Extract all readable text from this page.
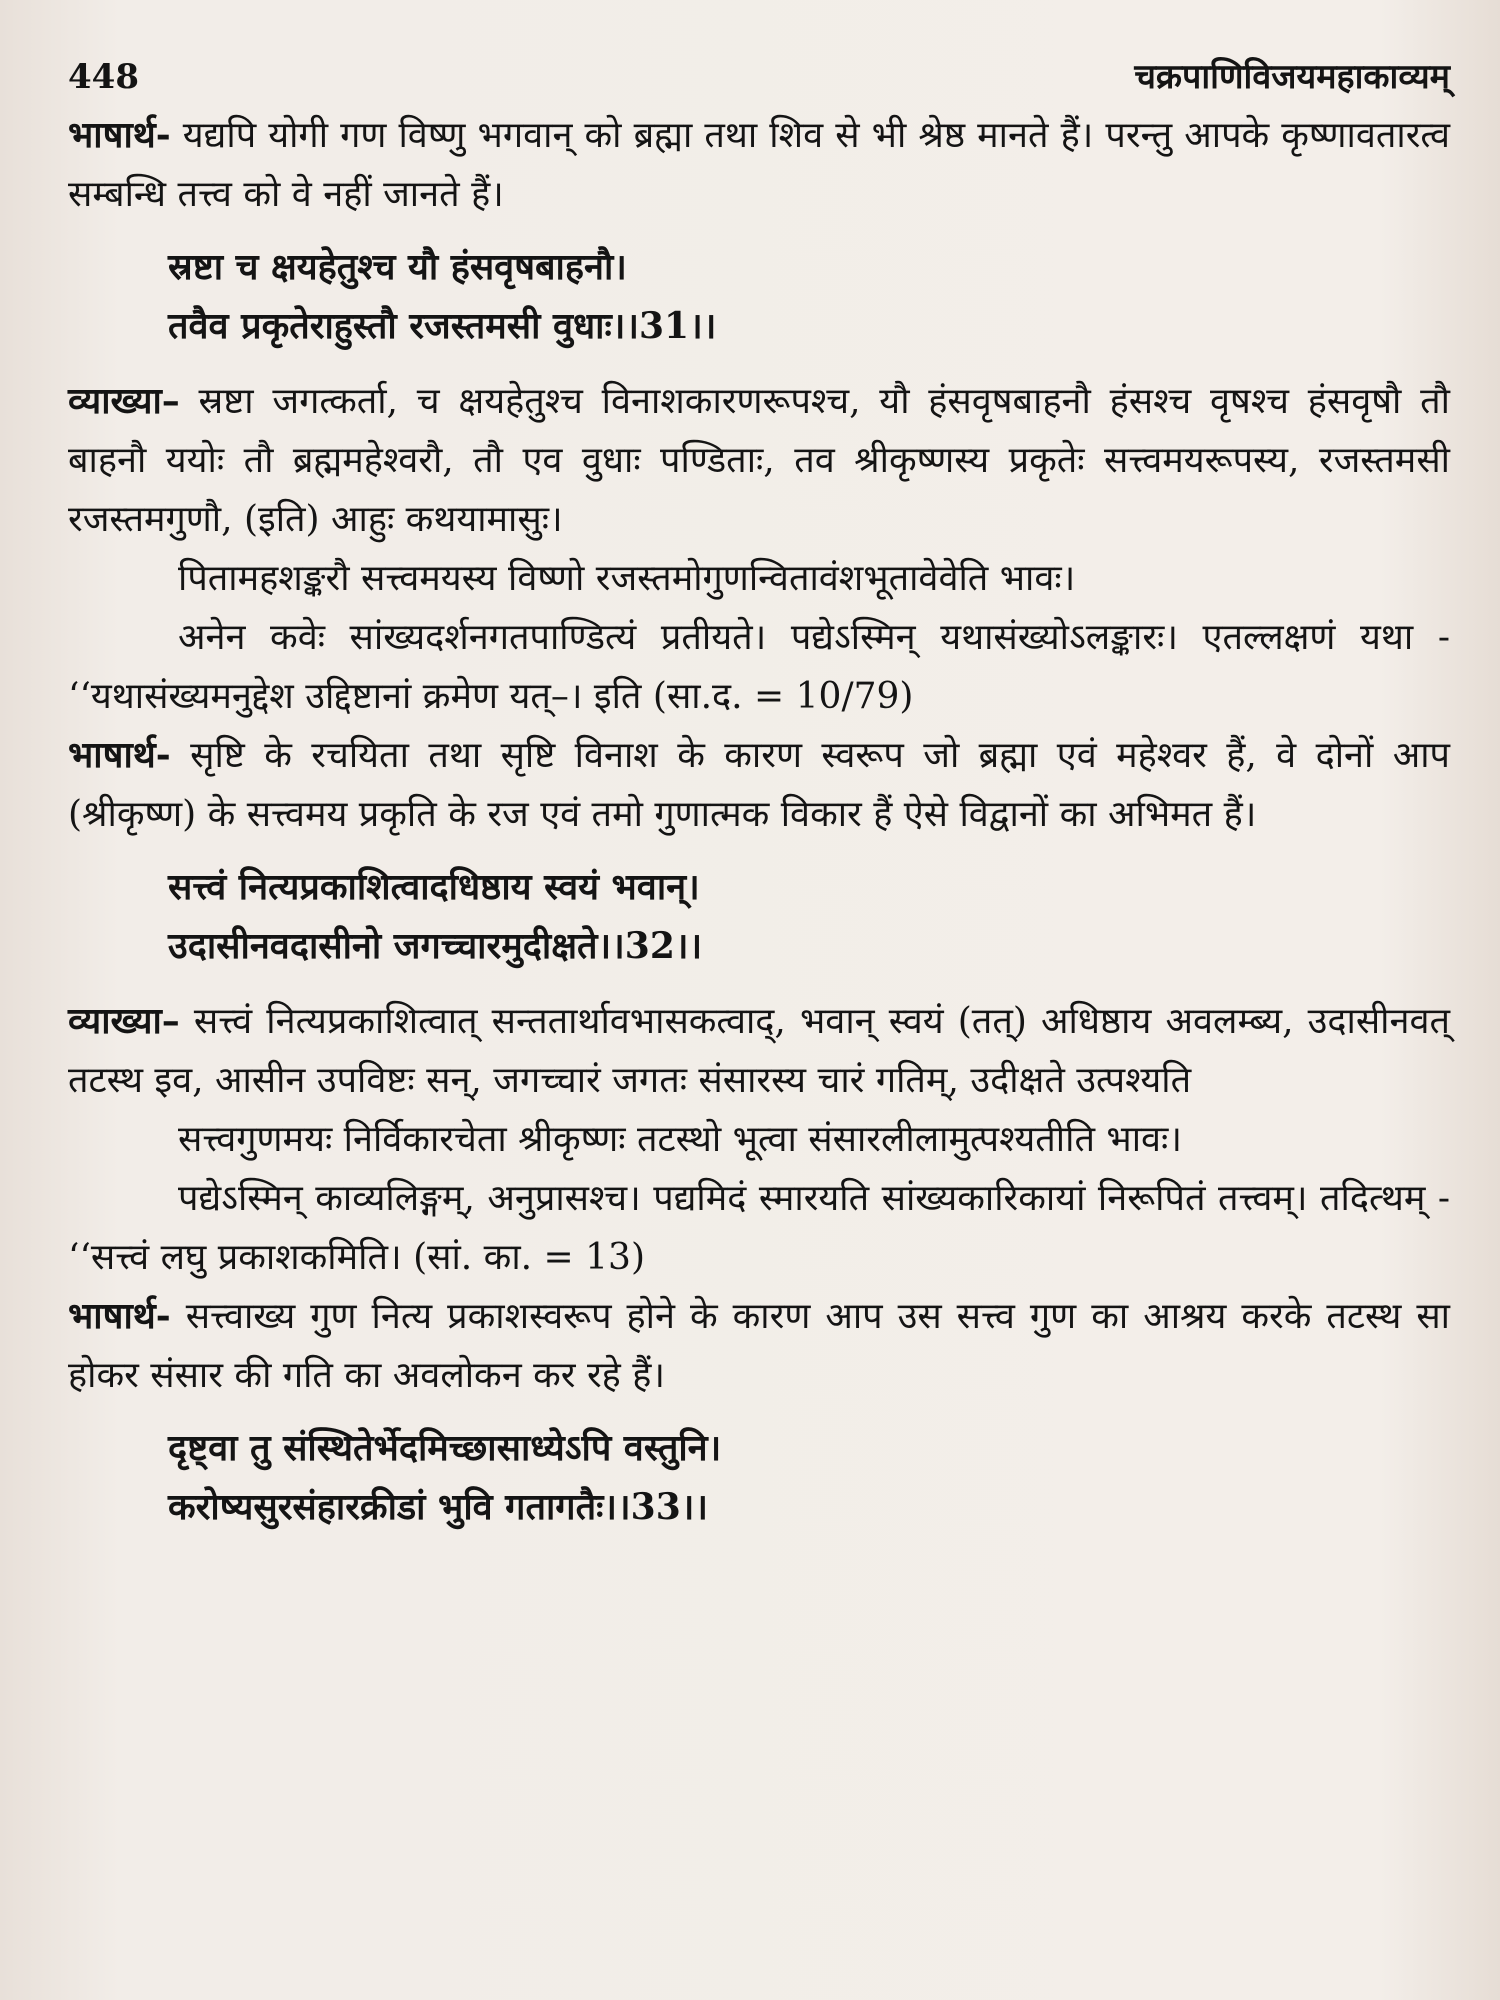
448	चक्रपाणिविजयमहाकाव्यम्

भाषार्थ- यद्यपि योगी गण विष्णु भगवान् को ब्रह्मा तथा शिव से भी श्रेष्ठ मानते हैं। परन्तु आपके कृष्णावतारत्व सम्बन्धि तत्त्व को वे नहीं जानते हैं।

स्रष्टा च क्षयहेतुश्च यौ हंसवृषबाहनौ।
तवैव प्रकृतेराहुस्तौ रजस्तमसी वुधाः।।31।।

व्याख्या– स्रष्टा जगत्कर्ता, च क्षयहेतुश्च विनाशकारणरूपश्च, यौ हंसवृषबाहनौ हंसश्च वृषश्च हंसवृषौ तौ बाहनौ ययोः तौ ब्रह्ममहेश्वरौ, तौ एव वुधाः पण्डिताः, तव श्रीकृष्णस्य प्रकृतेः सत्त्वमयरूपस्य, रजस्तमसी रजस्तमगुणौ, (इति) आहुः कथयामासुः।

पितामहशङ्करौ सत्त्वमयस्य विष्णो रजस्तमोगुणन्वितावंशभूतावेवेति भावः।

अनेन कवेः सांख्यदर्शनगतपाण्डित्यं प्रतीयते। पद्येऽस्मिन् यथासंख्योऽलङ्कारः। एतल्लक्षणं यथा - ‘‘यथासंख्यमनुद्देश उद्दिष्टानां क्रमेण यत्–। इति (सा.द. = 10/79)

भाषार्थ- सृष्टि के रचयिता तथा सृष्टि विनाश के कारण स्वरूप जो ब्रह्मा एवं महेश्वर हैं, वे दोनों आप (श्रीकृष्ण) के सत्त्वमय प्रकृति के रज एवं तमो गुणात्मक विकार हैं ऐसे विद्वानों का अभिमत हैं।

सत्त्वं नित्यप्रकाशित्वादधिष्ठाय स्वयं भवान्।
उदासीनवदासीनो जगच्चारमुदीक्षते।।32।।

व्याख्या– सत्त्वं नित्यप्रकाशित्वात् सन्ततार्थावभासकत्वाद्, भवान् स्वयं (तत्) अधिष्ठाय अवलम्ब्य, उदासीनवत् तटस्थ इव, आसीन उपविष्टः सन्, जगच्चारं जगतः संसारस्य चारं गतिम्, उदीक्षते उत्पश्यति

सत्त्वगुणमयः निर्विकारचेता श्रीकृष्णः तटस्थो भूत्वा संसारलीलामुत्पश्यतीति भावः।

पद्येऽस्मिन् काव्यलिङ्गम्, अनुप्रासश्च। पद्यमिदं स्मारयति सांख्यकारिकायां निरूपितं तत्त्वम्। तदित्थम् - ‘‘सत्त्वं लघु प्रकाशकमिति। (सां. का. = 13)

भाषार्थ- सत्त्वाख्य गुण नित्य प्रकाशस्वरूप होने के कारण आप उस सत्त्व गुण का आश्रय करके तटस्थ सा होकर संसार की गति का अवलोकन कर रहे हैं।

दृष्ट्वा तु संस्थितेर्भेदमिच्छासाध्येऽपि वस्तुनि।
करोष्यसुरसंहारक्रीडां भुवि गतागतैः।।33।।
